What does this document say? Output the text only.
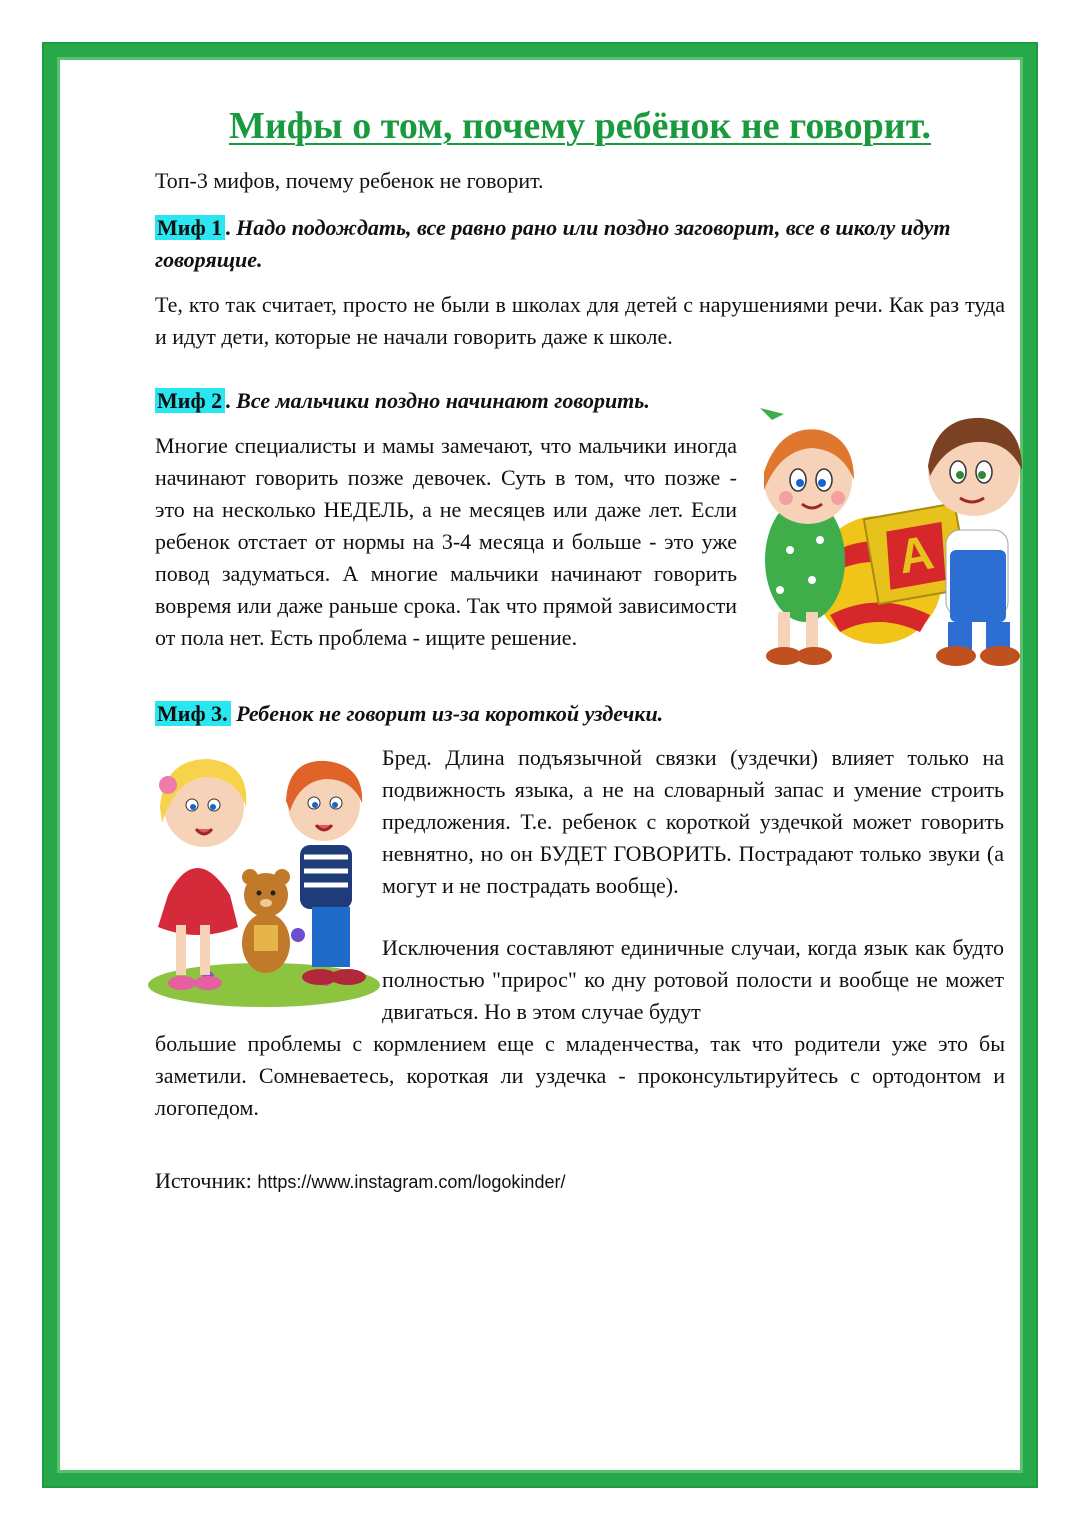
Мифы о том, почему ребёнок не говорит.

Топ-3 мифов, почему ребенок не говорит.

Миф 1 . Надо подождать, все равно рано или поздно заговорит, все в школу идут говорящие.

Те, кто так считает, просто не были в школах для детей с нарушениями речи. Как раз туда и идут дети, которые не начали говорить даже к школе.

Миф 2 . Все мальчики поздно начинают говорить.

Многие специалисты и мамы замечают, что мальчики иногда начинают говорить позже девочек. Суть в том, что позже - это на несколько НЕДЕЛЬ, а не месяцев или даже лет. Если ребенок отстает от нормы на 3-4 месяца и больше - это уже повод задуматься. А многие мальчики начинают говорить вовремя или даже раньше срока. Так что прямой зависимости от пола нет. Есть проблема - ищите решение.

А

Миф 3. Ребенок не говорит из-за короткой уздечки.

Бред. Длина подъязычной связки (уздечки) влияет только на подвижность языка, а не на словарный запас и умение строить предложения. Т.е. ребенок с короткой уздечкой может говорить невнятно, но он БУДЕТ ГОВОРИТЬ. Пострадают только звуки (а могут и не пострадать вообще).

Исключения составляют единичные случаи, когда язык как будто полностью "прирос" ко дну ротовой полости и вообще не может двигаться. Но в этом случае будут

большие проблемы с кормлением еще с младенчества, так что родители уже это бы заметили. Сомневаетесь, короткая ли уздечка - проконсультируйтесь с ортодонтом и логопедом.

Источник: https://www.instagram.com/logokinder/
